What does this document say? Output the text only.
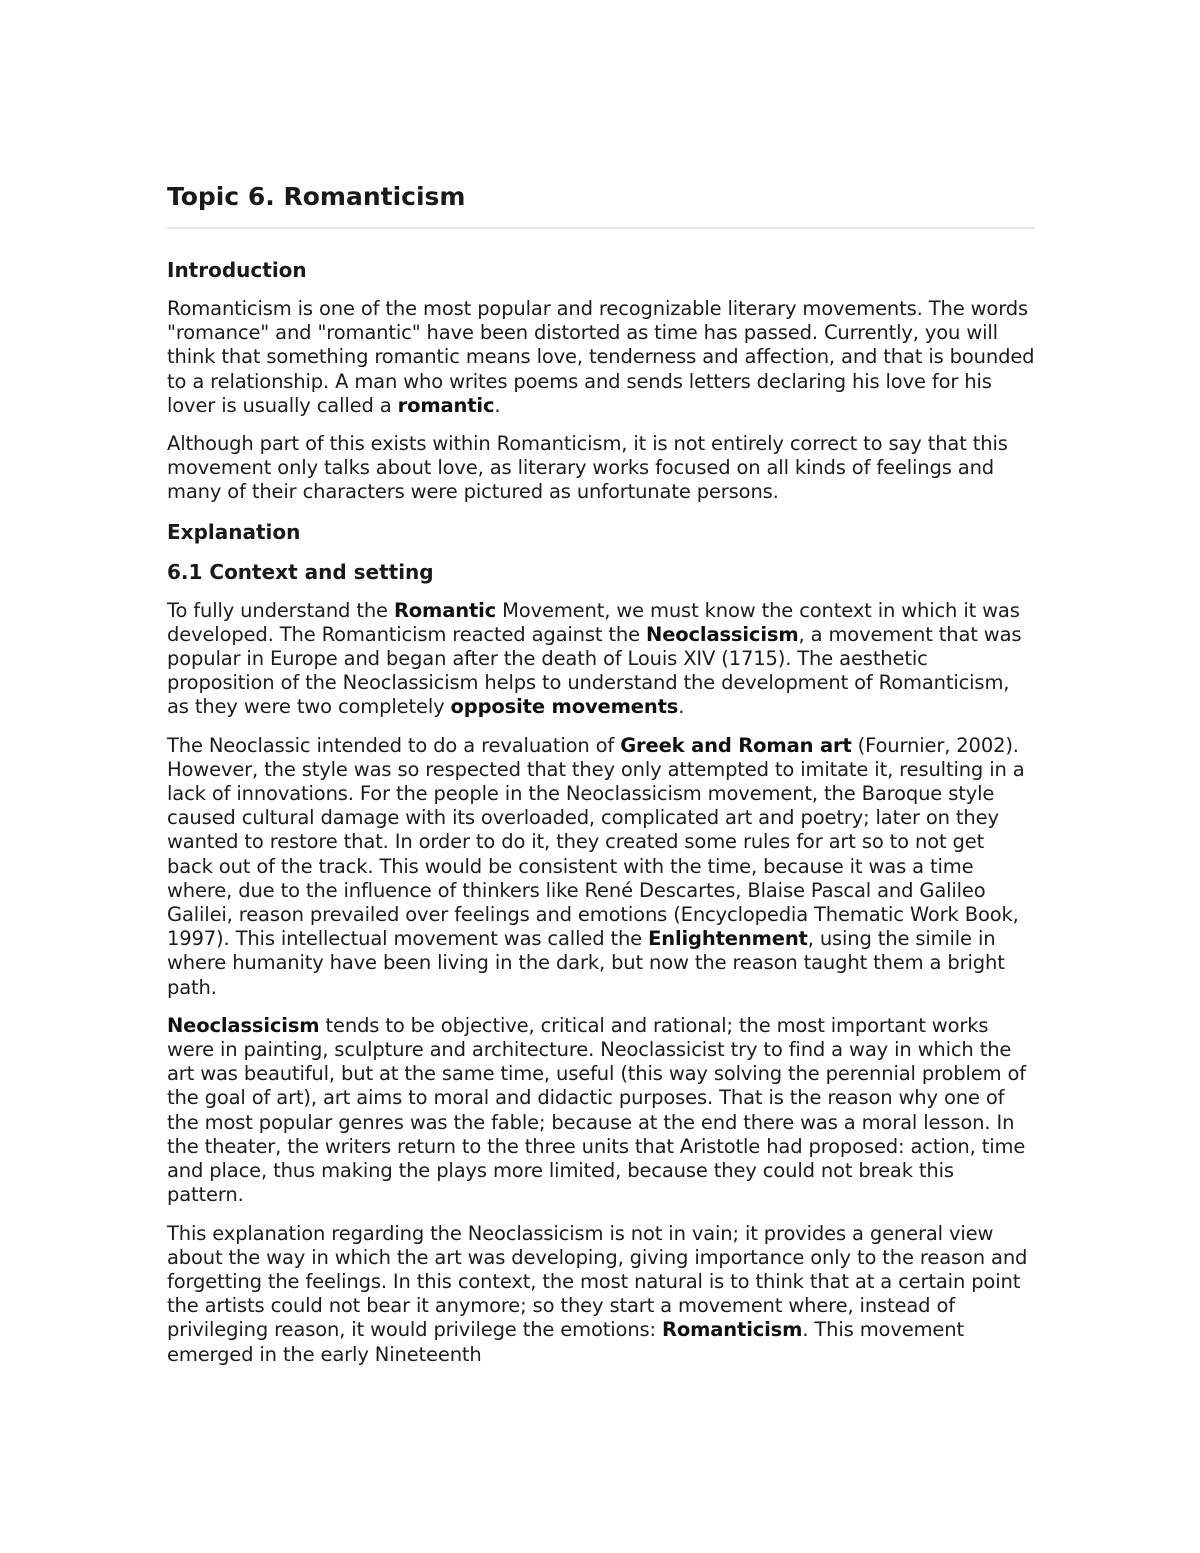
Topic 6. Romanticism
Introduction

Romanticism is one of the most popular and recognizable literary movements. The words "romance" and "romantic" have been distorted as time has passed. Currently, you will think that something romantic means love, tenderness and affection, and that is bounded to a relationship. A man who writes poems and sends letters declaring his love for his lover is usually called a romantic.

Although part of this exists within Romanticism, it is not entirely correct to say that this movement only talks about love, as literary works focused on all kinds of feelings and many of their characters were pictured as unfortunate persons.

Explanation
6.1 Context and setting

To fully understand the Romantic Movement, we must know the context in which it was developed. The Romanticism reacted against the Neoclassicism, a movement that was popular in Europe and began after the death of Louis XIV (1715). The aesthetic proposition of the Neoclassicism helps to understand the development of Romanticism, as they were two completely opposite movements.

The Neoclassic intended to do a revaluation of Greek and Roman art (Fournier, 2002). However, the style was so respected that they only attempted to imitate it, resulting in a lack of innovations. For the people in the Neoclassicism movement, the Baroque style caused cultural damage with its overloaded, complicated art and poetry; later on they wanted to restore that. In order to do it, they created some rules for art so to not get back out of the track. This would be consistent with the time, because it was a time where, due to the influence of thinkers like René Descartes, Blaise Pascal and Galileo Galilei, reason prevailed over feelings and emotions (Encyclopedia Thematic Work Book, 1997). This intellectual movement was called the Enlightenment, using the simile in where humanity have been living in the dark, but now the reason taught them a bright path.

Neoclassicism tends to be objective, critical and rational; the most important works were in painting, sculpture and architecture. Neoclassicist try to find a way in which the art was beautiful, but at the same time, useful (this way solving the perennial problem of the goal of art), art aims to moral and didactic purposes. That is the reason why one of the most popular genres was the fable; because at the end there was a moral lesson. In the theater, the writers return to the three units that Aristotle had proposed: action, time and place, thus making the plays more limited, because they could not break this pattern.

This explanation regarding the Neoclassicism is not in vain; it provides a general view about the way in which the art was developing, giving importance only to the reason and forgetting the feelings. In this context, the most natural is to think that at a certain point the artists could not bear it anymore; so they start a movement where, instead of privileging reason, it would privilege the emotions: Romanticism. This movement emerged in the early Nineteenth
